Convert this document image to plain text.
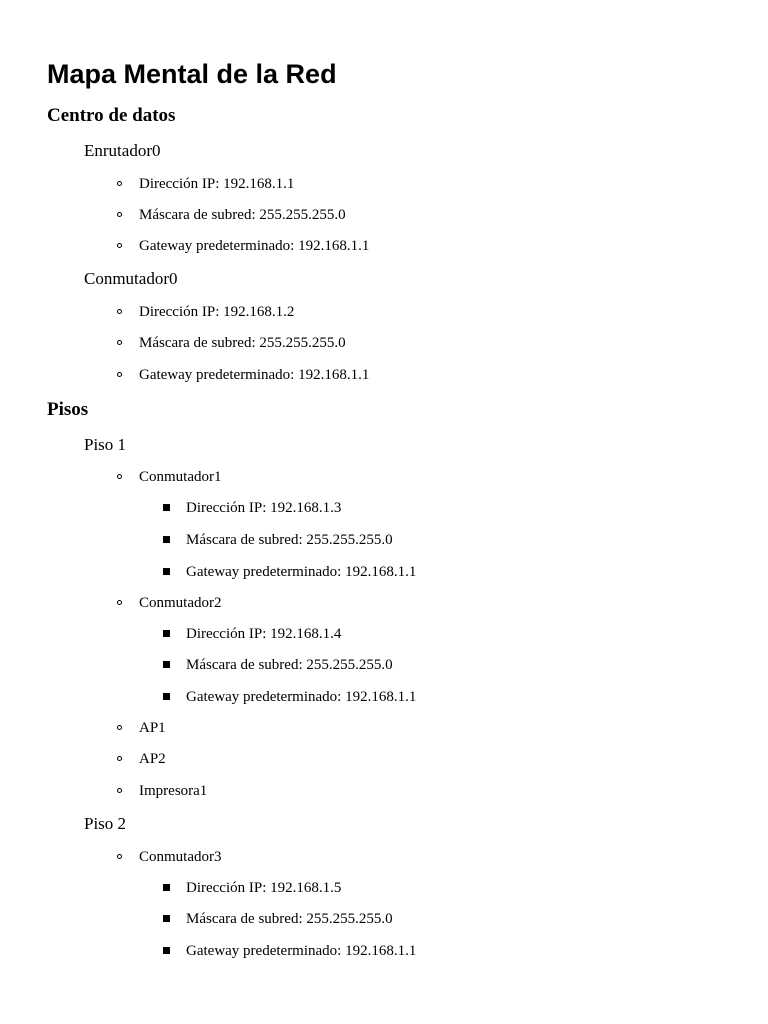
Mapa Mental de la Red
Centro de datos
Enrutador0
Dirección IP: 192.168.1.1
Máscara de subred: 255.255.255.0
Gateway predeterminado: 192.168.1.1
Conmutador0
Dirección IP: 192.168.1.2
Máscara de subred: 255.255.255.0
Gateway predeterminado: 192.168.1.1
Pisos
Piso 1
Conmutador1
Dirección IP: 192.168.1.3
Máscara de subred: 255.255.255.0
Gateway predeterminado: 192.168.1.1
Conmutador2
Dirección IP: 192.168.1.4
Máscara de subred: 255.255.255.0
Gateway predeterminado: 192.168.1.1
AP1
AP2
Impresora1
Piso 2
Conmutador3
Dirección IP: 192.168.1.5
Máscara de subred: 255.255.255.0
Gateway predeterminado: 192.168.1.1
